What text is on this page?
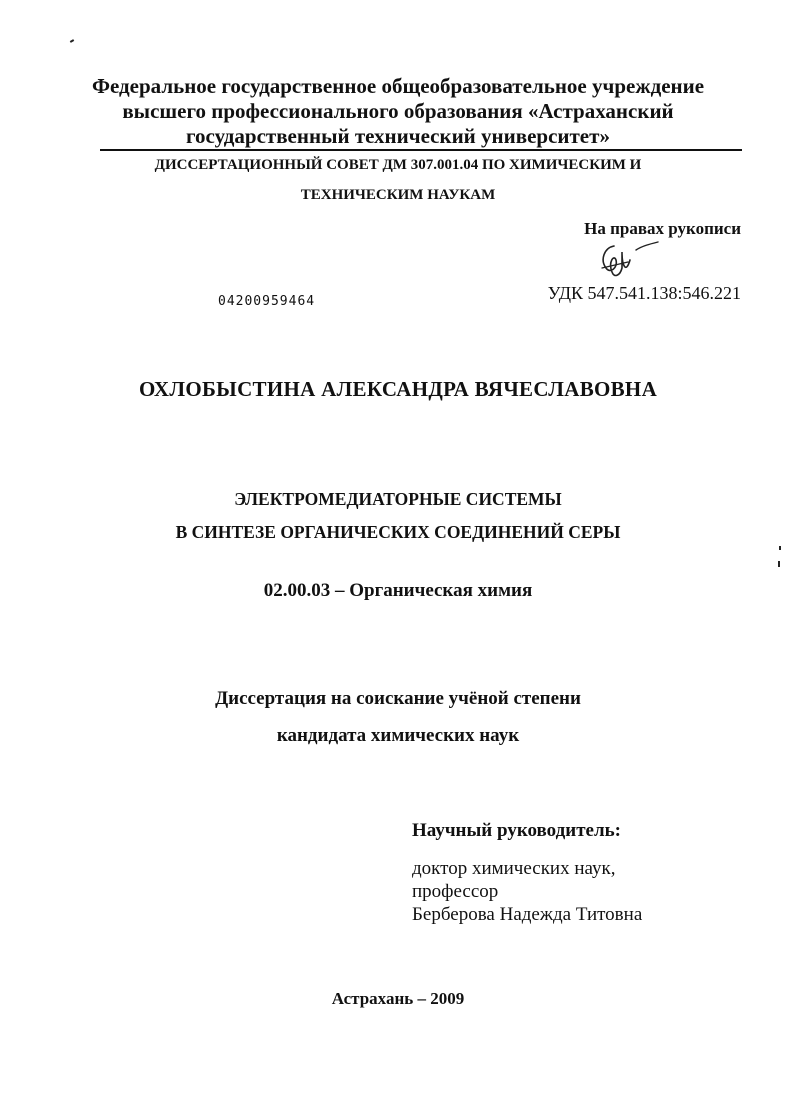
Федеральное государственное общеобразовательное учреждение
высшего профессионального образования «Астраханский
государственный технический университет»
ДИССЕРТАЦИОННЫЙ СОВЕТ ДМ 307.001.04 ПО ХИМИЧЕСКИМ И
ТЕХНИЧЕСКИМ НАУКАМ
На правах рукописи
УДК 547.541.138:546.221
04200959464
ОХЛОБЫСТИНА АЛЕКСАНДРА ВЯЧЕСЛАВОВНА
ЭЛЕКТРОМЕДИАТОРНЫЕ СИСТЕМЫ
В СИНТЕЗЕ ОРГАНИЧЕСКИХ СОЕДИНЕНИЙ СЕРЫ
02.00.03 – Органическая химия
Диссертация на соискание учёной степени
кандидата химических наук
Научный руководитель:
доктор химических наук,
профессор
Берберова Надежда Титовна
Астрахань – 2009
